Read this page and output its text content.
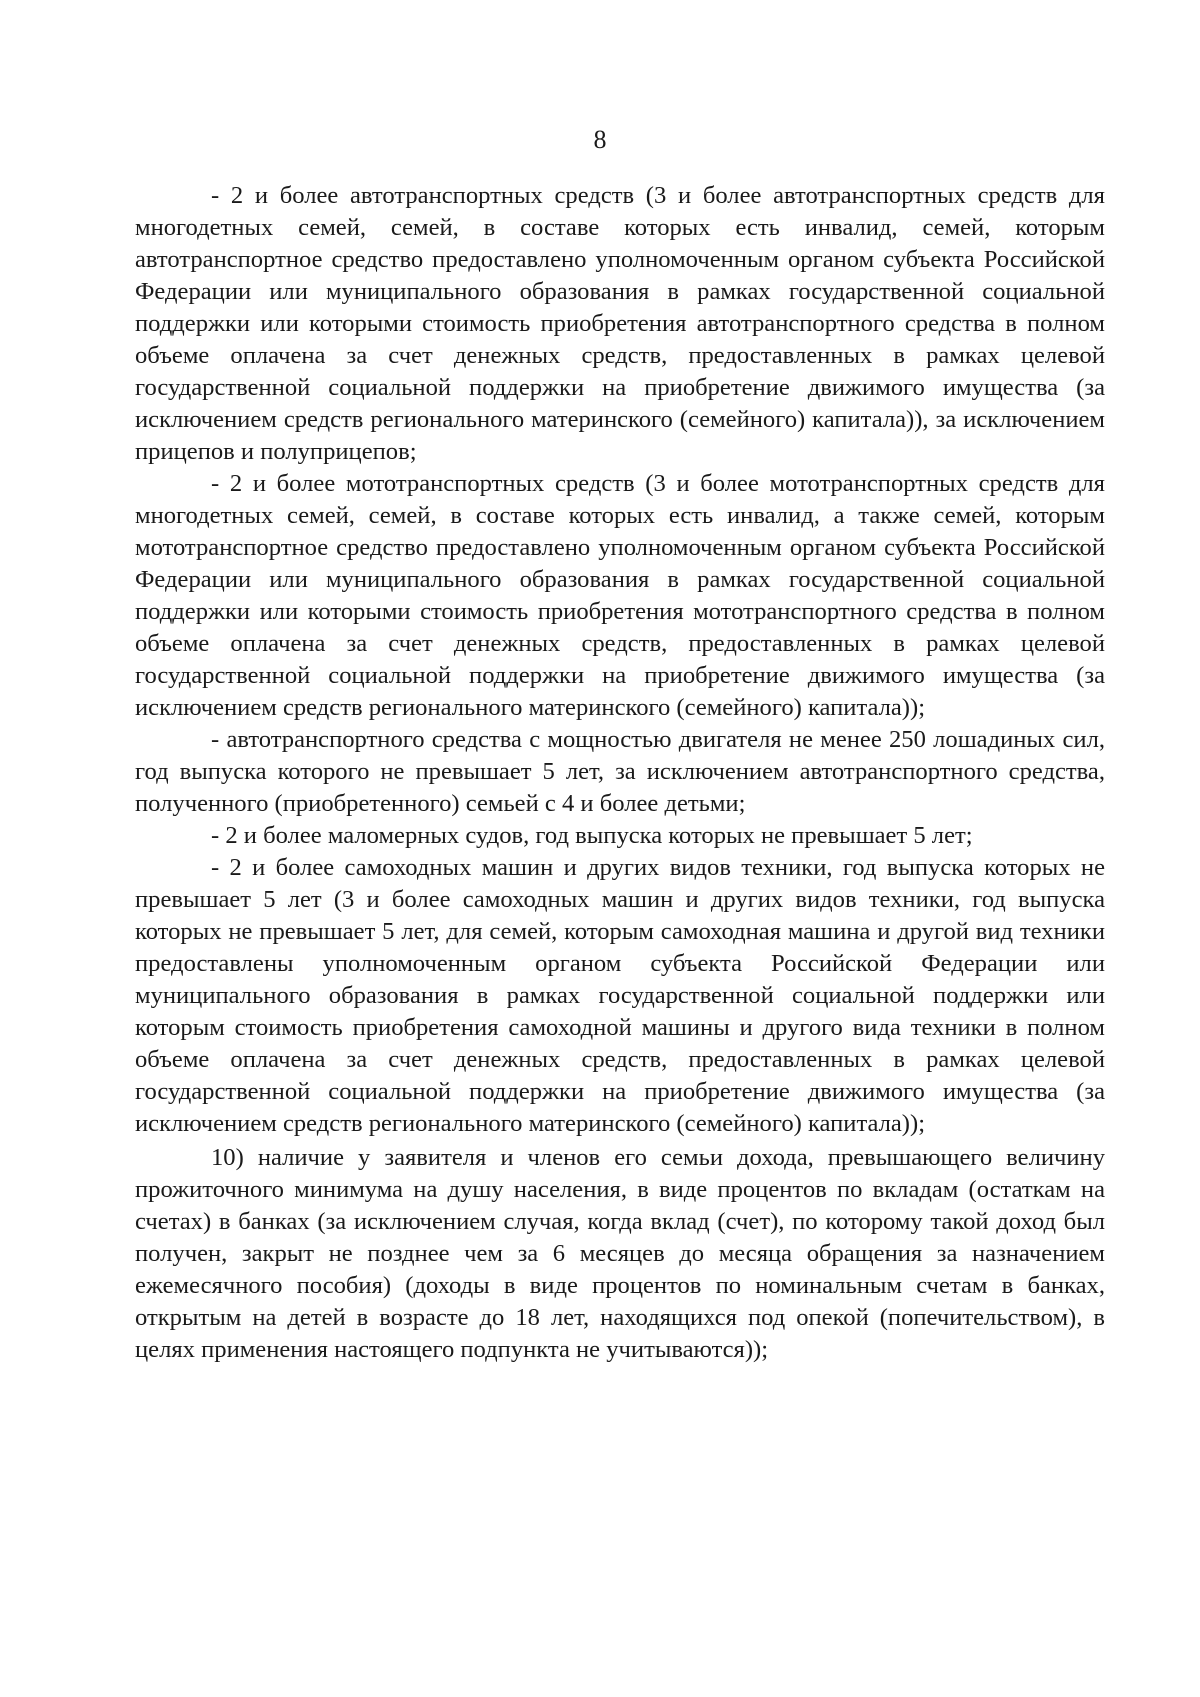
8

- 2 и более автотранспортных средств (3 и более автотранспортных средств для многодетных семей, семей, в составе которых есть инвалид, семей, которым автотранспортное средство предоставлено уполномоченным органом субъекта Российской Федерации или муниципального образования в рамках государственной социальной поддержки или которыми стоимость приобретения автотранспортного средства в полном объеме оплачена за счет денежных средств, предоставленных в рамках целевой государственной социальной поддержки на приобретение движимого имущества (за исключением средств регионального материнского (семейного) капитала)), за исключением прицепов и полуприцепов;

- 2 и более мототранспортных средств (3 и более мототранспортных средств для многодетных семей, семей, в составе которых есть инвалид, а также семей, которым мототранспортное средство предоставлено уполномоченным органом субъекта Российской Федерации или муниципального образования в рамках государственной социальной поддержки или которыми стоимость приобретения мототранспортного средства в полном объеме оплачена за счет денежных средств, предоставленных в рамках целевой государственной социальной поддержки на приобретение движимого имущества (за исключением средств регионального материнского (семейного) капитала));

- автотранспортного средства с мощностью двигателя не менее 250 лошадиных сил, год выпуска которого не превышает 5 лет, за исключением автотранспортного средства, полученного (приобретенного) семьей с 4 и более детьми;

- 2 и более маломерных судов, год выпуска которых не превышает 5 лет;

- 2 и более самоходных машин и других видов техники, год выпуска которых не превышает 5 лет (3 и более самоходных машин и других видов техники, год выпуска которых не превышает 5 лет, для семей, которым самоходная машина и другой вид техники предоставлены уполномоченным органом субъекта Российской Федерации или муниципального образования в рамках государственной социальной поддержки или которым стоимость приобретения самоходной машины и другого вида техники в полном объеме оплачена за счет денежных средств, предоставленных в рамках целевой государственной социальной поддержки на приобретение движимого имущества (за исключением средств регионального материнского (семейного) капитала));

10) наличие у заявителя и членов его семьи дохода, превышающего величину прожиточного минимума на душу населения, в виде процентов по вкладам (остаткам на счетах) в банках (за исключением случая, когда вклад (счет), по которому такой доход был получен, закрыт не позднее чем за 6 месяцев до месяца обращения за назначением ежемесячного пособия) (доходы в виде процентов по номинальным счетам в банках, открытым на детей в возрасте до 18 лет, находящихся под опекой (попечительством), в целях применения настоящего подпункта не учитываются));
